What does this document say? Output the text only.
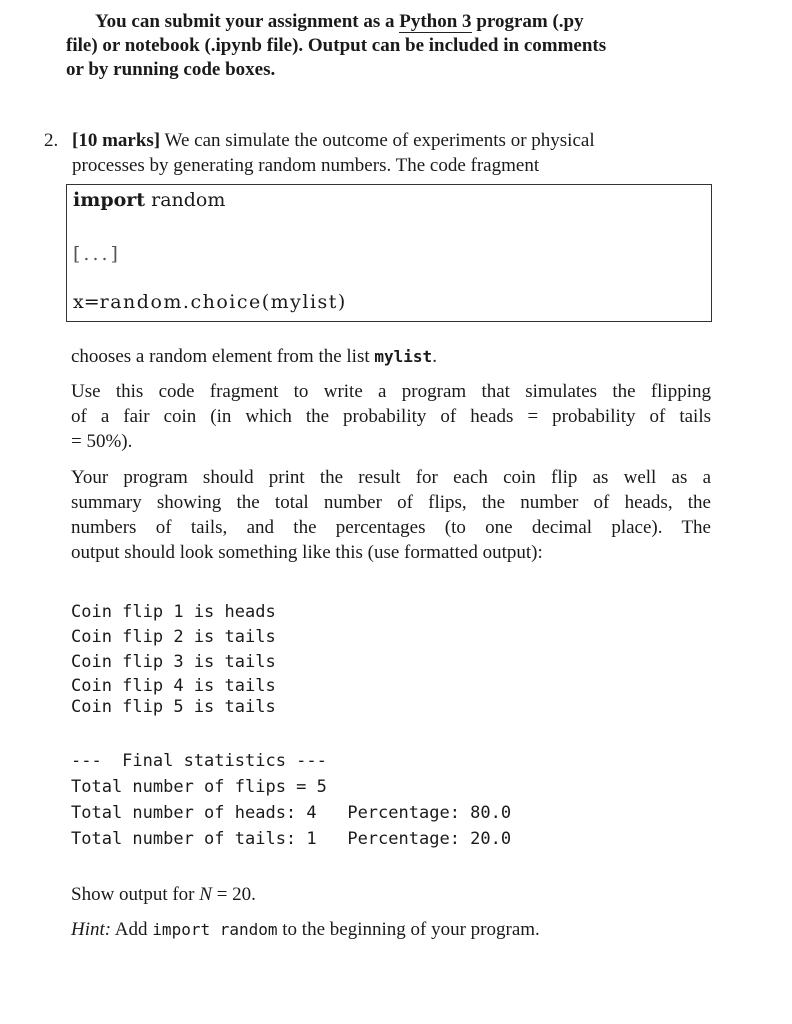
You can submit your assignment as a Python 3 program (.py
file) or notebook (.ipynb file). Output can be included in comments
or by running code boxes.
2. [10 marks] We can simulate the outcome of experiments or physical
processes by generating random numbers. The code fragment
import random
[...]
x=random.choice(mylist)
chooses a random element from the list mylist.
Use this code fragment to write a program that simulates the flipping
of a fair coin (in which the probability of heads = probability of tails
= 50%).
Your program should print the result for each coin flip as well as a
summary showing the total number of flips, the number of heads, the
numbers of tails, and the percentages (to one decimal place). The
output should look something like this (use formatted output):
Coin flip 1 is heads
Coin flip 2 is tails
Coin flip 3 is tails
Coin flip 4 is tails
Coin flip 5 is tails
---  Final statistics ---
Total number of flips = 5
Total number of heads: 4   Percentage: 80.0
Total number of tails: 1   Percentage: 20.0
Show output for N = 20.
Hint: Add import random to the beginning of your program.
